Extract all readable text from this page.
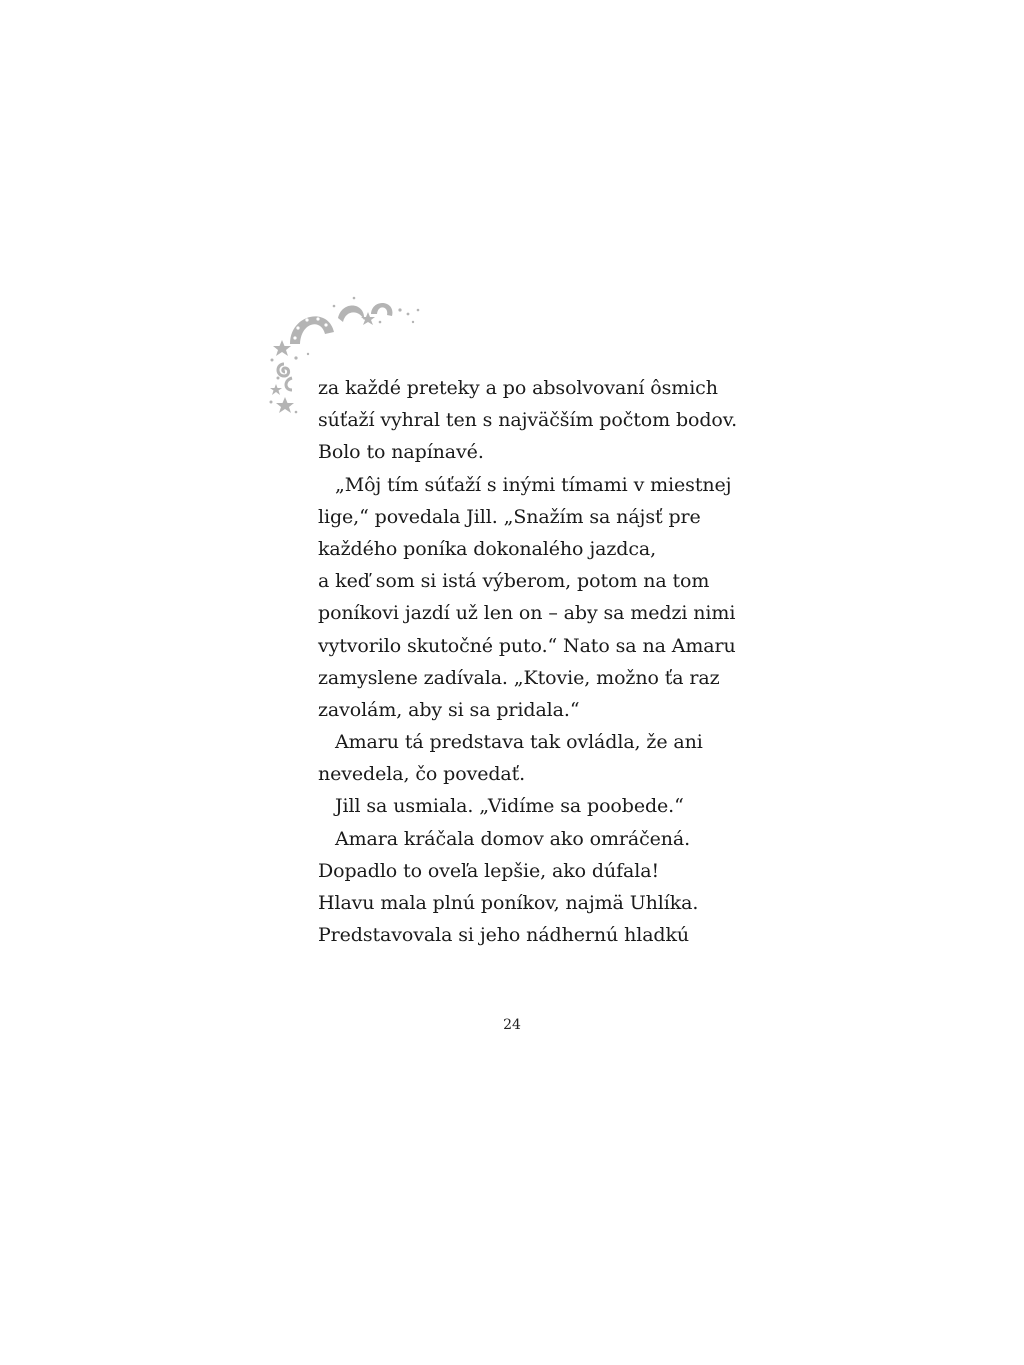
za každé preteky a po absolvovaní ôsmich
súťaží vyhral ten s najväčším počtom bodov.
Bolo to napínavé.
„Môj tím súťaží s inými tímami v miestnej
lige,“ povedala Jill. „Snažím sa nájsť pre
každého poníka dokonalého jazdca,
a keď som si istá výberom, potom na tom
poníkovi jazdí už len on – aby sa medzi nimi
vytvorilo skutočné puto.“ Nato sa na Amaru
zamyslene zadívala. „Ktovie, možno ťa raz
zavolám, aby si sa pridala.“
Amaru tá predstava tak ovládla, že ani
nevedela, čo povedať.
Jill sa usmiala. „Vidíme sa poobede.“
Amara kráčala domov ako omráčená.
Dopadlo to oveľa lepšie, ako dúfala!
Hlavu mala plnú poníkov, najmä Uhlíka.
Predstavovala si jeho nádhernú hladkú
24
